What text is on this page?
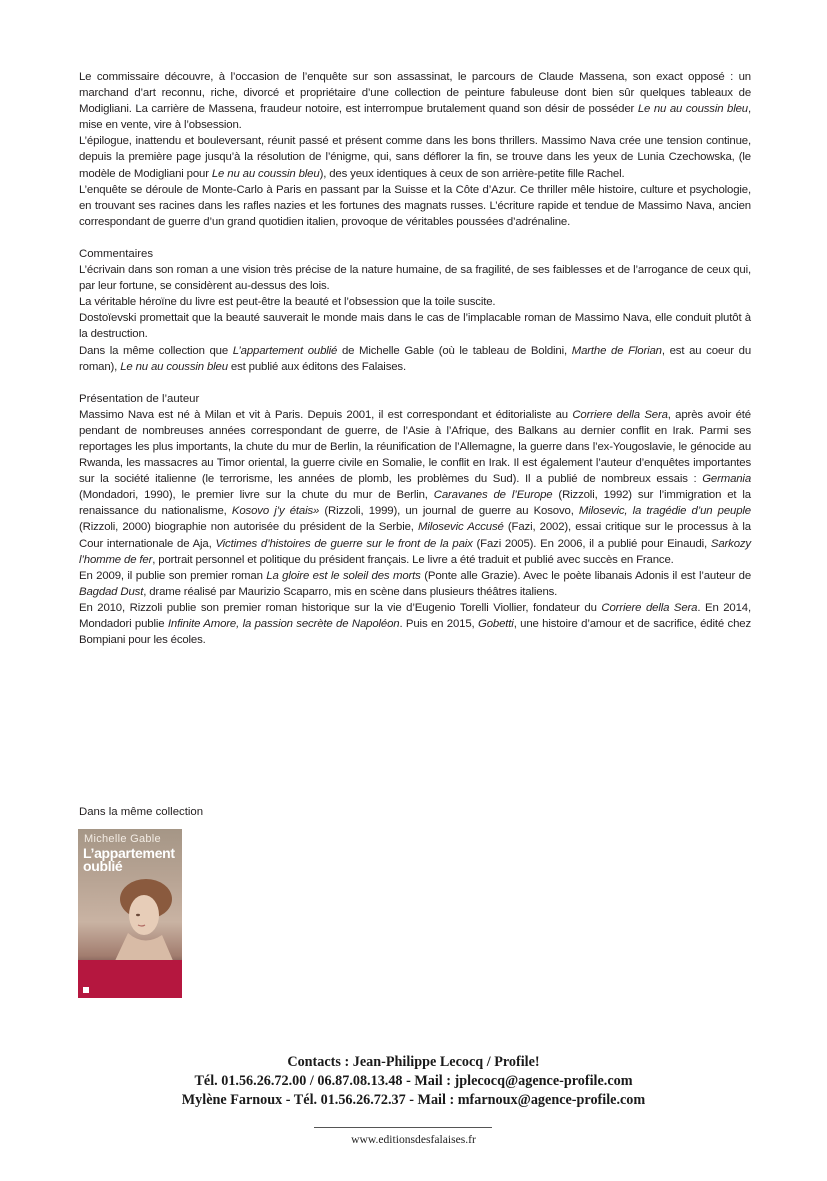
Le commissaire découvre, à l’occasion de l’enquête sur son assassinat, le parcours de Claude Massena, son exact opposé : un marchand d’art reconnu, riche, divorcé et propriétaire d’une collection de peinture fabuleuse dont bien sûr quelques tableaux de Modigliani. La carrière de Massena, fraudeur notoire, est interrompue brutalement quand son désir de posséder Le nu au coussin bleu, mise en vente, vire à l’obsession.

L’épilogue, inattendu et bouleversant, réunit passé et présent comme dans les bons thrillers. Massimo Nava crée une tension continue, depuis la première page jusqu’à la résolution de l’énigme, qui, sans déflorer la fin, se trouve dans les yeux de Lunia Czechowska, (le modèle de Modigliani pour Le nu au coussin bleu), des yeux identiques à ceux de son arrière-petite fille Rachel.

L’enquête se déroule de Monte-Carlo à Paris en passant par la Suisse et la Côte d’Azur. Ce thriller mêle histoire, culture et psychologie, en trouvant ses racines dans les rafles nazies et les fortunes des magnats russes. L’écriture rapide et tendue de Massimo Nava, ancien correspondant de guerre d’un grand quotidien italien, provoque de véritables poussées d’adrénaline.

Commentaires

L’écrivain dans son roman a une vision très précise de la nature humaine, de sa fragilité, de ses faiblesses et de l’arrogance de ceux qui, par leur fortune, se considèrent au-dessus des lois.

La véritable héroïne du livre est peut-être la beauté et l’obsession que la toile suscite.

Dostoïevski promettait que la beauté sauverait le monde mais dans le cas de l’implacable roman de Massimo Nava, elle conduit plutôt à la destruction.

Dans la même collection que L’appartement oublié de Michelle Gable (où le tableau de Boldini, Marthe de Florian, est au coeur du roman), Le nu au coussin bleu est publié aux éditons des Falaises.

Présentation de l’auteur

Massimo Nava est né à Milan et vit à Paris. Depuis 2001, il est correspondant et éditorialiste au Corriere della Sera, après avoir été pendant de nombreuses années correspondant de guerre, de l’Asie à l’Afrique, des Balkans au dernier conflit en Irak. Parmi ses reportages les plus importants, la chute du mur de Berlin, la réunification de l’Allemagne, la guerre dans l’ex-Yougoslavie, le génocide au Rwanda, les massacres au Timor oriental, la guerre civile en Somalie, le conflit en Irak. Il est également l’auteur d’enquêtes importantes sur la société italienne (le terrorisme, les années de plomb, les problèmes du Sud). Il a publié de nombreux essais : Germania (Mondadori, 1990), le premier livre sur la chute du mur de Berlin, Caravanes de l’Europe (Rizzoli, 1992) sur l’immigration et la renaissance du nationalisme, Kosovo j’y étais» (Rizzoli, 1999), un journal de guerre au Kosovo, Milosevic, la tragédie d’un peuple (Rizzoli, 2000) biographie non autorisée du président de la Serbie, Milosevic Accusé (Fazi, 2002), essai critique sur le processus à la Cour internationale de Aja, Victimes d’histoires de guerre sur le front de la paix (Fazi 2005). En 2006, il a publié pour Einaudi, Sarkozy l’homme de fer, portrait personnel et politique du président français. Le livre a été traduit et publié avec succès en France.

En 2009, il publie son premier roman La gloire est le soleil des morts (Ponte alle Grazie). Avec le poète libanais Adonis il est l’auteur de Bagdad Dust, drame réalisé par Maurizio Scaparro, mis en scène dans plusieurs théâtres italiens.

En 2010, Rizzoli publie son premier roman historique sur la vie d’Eugenio Torelli Viollier, fondateur du Corriere della Sera. En 2014, Mondadori publie Infinite Amore, la passion secrète de Napoléon. Puis en 2015, Gobetti, une histoire d’amour et de sacrifice, édité chez Bompiani pour les écoles.

Dans la même collection
Michelle Gable
L’appartement oublié
Contacts : Jean-Philippe Lecocq / Profile!
Tél. 01.56.26.72.00 / 06.87.08.13.48 - Mail : jplecocq@agence-profile.com
Mylène Farnoux - Tél. 01.56.26.72.37 - Mail : mfarnoux@agence-profile.com
www.editionsdesfalaises.fr
